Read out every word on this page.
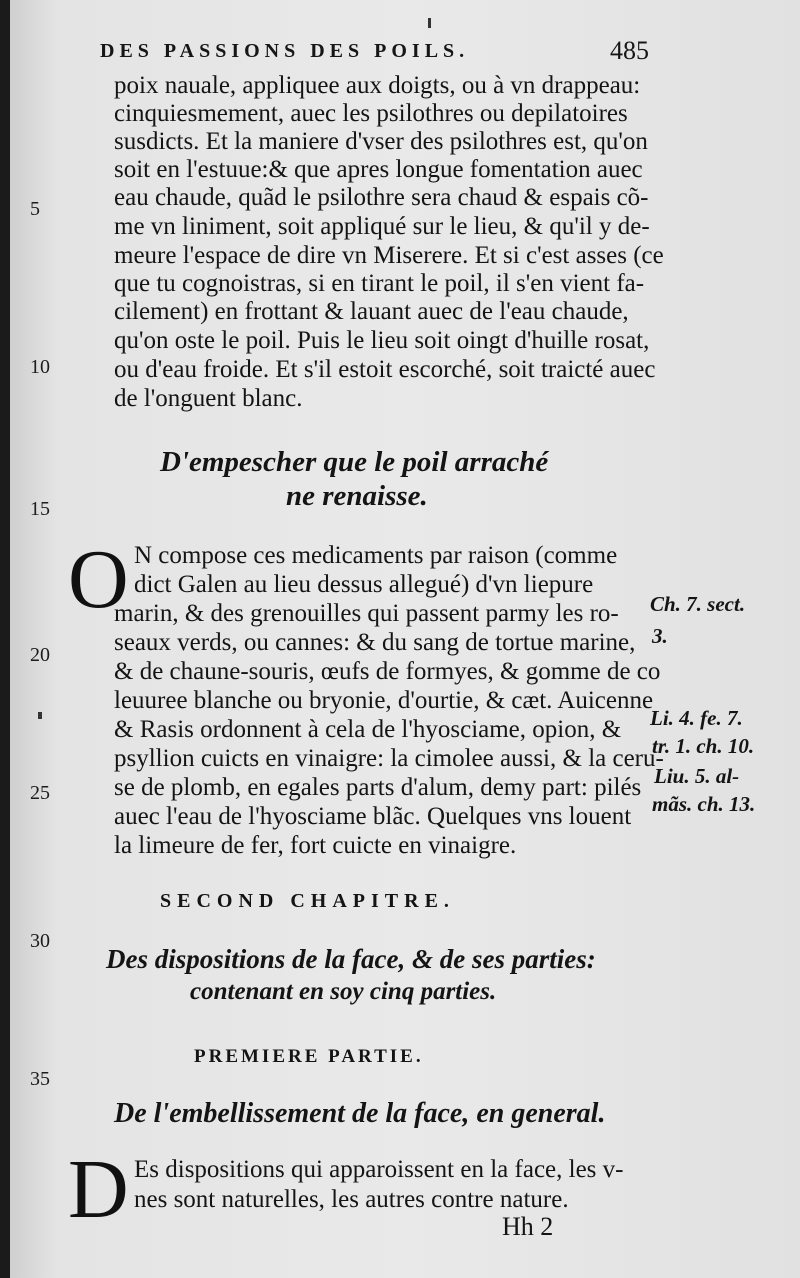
DES PASSIONS DES POILS.	485
poix nauale, appliquee aux doigts, ou à vn drappeau:
cinquiesmement, auec les psilothres ou depilatoires
susdicts. Et la maniere d'vser des psilothres est, qu'on
soit en l'estuue:& que apres longue fomentation auec
eau chaude, quãd le psilothre sera chaud & espais cõ-
me vn liniment, soit appliqué sur le lieu, & qu'il y de-
meure l'espace de dire vn Miserere. Et si c'est asses (ce
que tu cognoistras, si en tirant le poil, il s'en vient fa-
cilement) en frottant & lauant auec de l'eau chaude,
qu'on oste le poil. Puis le lieu soit oingt d'huille rosat,
ou d'eau froide. Et s'il estoit escorché, soit traicté auec
de l'onguent blanc.
D'empescher que le poil arraché
ne renaisse.
O N compose ces medicaments par raison (comme
dict Galen au lieu dessus allegué) d'vn liepure
marin, & des grenouilles qui passent parmy les ro-
seaux verds, ou cannes: & du sang de tortue marine,
& de chaune-souris, œufs de formyes, & gomme de co
leuuree blanche ou bryonie, d'ourtie, & cæt. Auicenne
& Rasis ordonnent à cela de l'hyosciame, opion, &
psyllion cuicts en vinaigre: la cimolee aussi, & la ceru-
se de plomb, en egales parts d'alum, demy part: pilés
auec l'eau de l'hyosciame blãc. Quelques vns louent
la limeure de fer, fort cuicte en vinaigre.
SECOND CHAPITRE.
Des dispositions de la face, & de ses parties:
contenant en soy cinq parties.
PREMIERE PARTIE.
De l'embellissement de la face, en general.
D Es dispositions qui apparoissent en la face, les v-
nes sont naturelles, les autres contre nature.
Hh 2
5
10
15
20
25
30
35
Ch. 7. sect.
3.
Li. 4. fe. 7.
tr. 1. ch. 10.
Liu. 5. al-
mãs. ch. 13.
